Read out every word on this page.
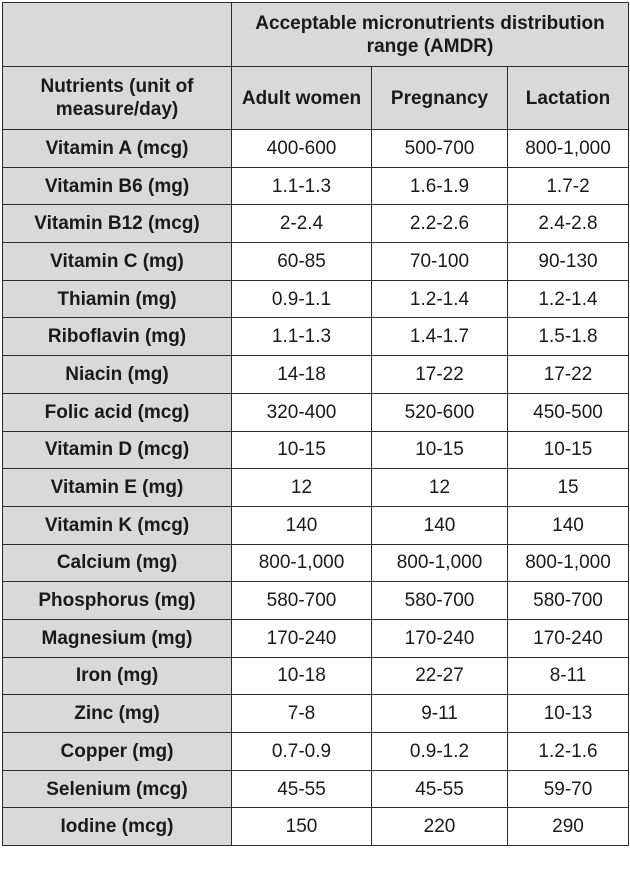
	Acceptable micronutrients distribution range (AMDR)		
Nutrients (unit of measure/day)	Adult women	Pregnancy	Lactation
Vitamin A (mcg)	400-600	500-700	800-1,000
Vitamin B6 (mg)	1.1-1.3	1.6-1.9	1.7-2
Vitamin B12 (mcg)	2-2.4	2.2-2.6	2.4-2.8
Vitamin C (mg)	60-85	70-100	90-130
Thiamin (mg)	0.9-1.1	1.2-1.4	1.2-1.4
Riboflavin (mg)	1.1-1.3	1.4-1.7	1.5-1.8
Niacin (mg)	14-18	17-22	17-22
Folic acid (mcg)	320-400	520-600	450-500
Vitamin D (mcg)	10-15	10-15	10-15
Vitamin E (mg)	12	12	15
Vitamin K (mcg)	140	140	140
Calcium (mg)	800-1,000	800-1,000	800-1,000
Phosphorus (mg)	580-700	580-700	580-700
Magnesium (mg)	170-240	170-240	170-240
Iron (mg)	10-18	22-27	8-11
Zinc (mg)	7-8	9-11	10-13
Copper (mg)	0.7-0.9	0.9-1.2	1.2-1.6
Selenium (mcg)	45-55	45-55	59-70
Iodine (mcg)	150	220	290
